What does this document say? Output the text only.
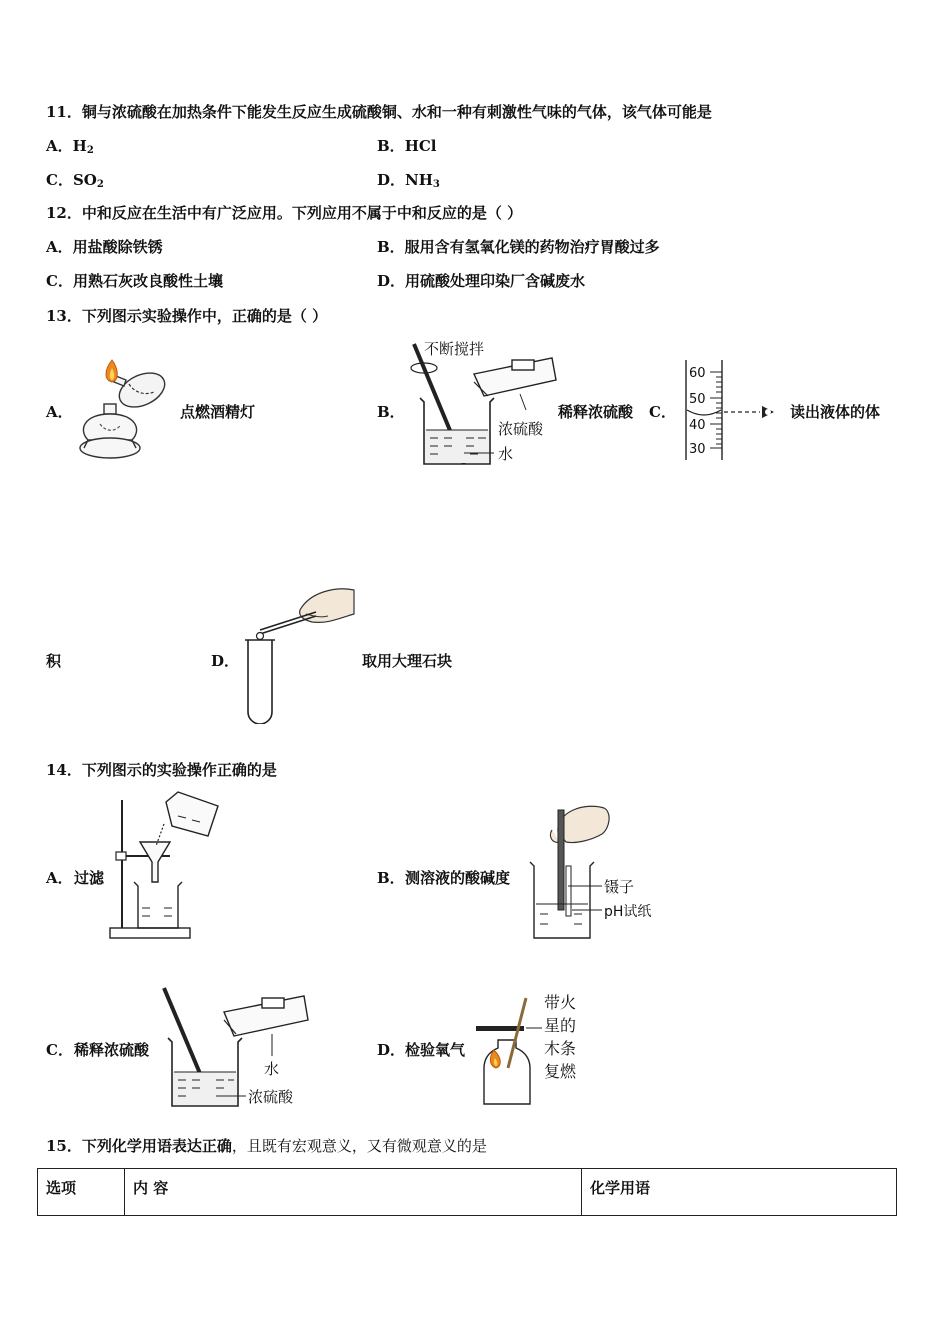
11．铜与浓硫酸在加热条件下能发生反应生成硫酸铜、水和一种有刺激性气味的气体，该气体可能是
A．H2	B．HCl
C．SO2	D．NH3
12．中和反应在生活中有广泛应用。下列应用不属于中和反应的是（ ）
A．用盐酸除铁锈	B．服用含有氢氧化镁的药物治疗胃酸过多
C．用熟石灰改良酸性土壤	D．用硫酸处理印染厂含碱废水
13．下列图示实验操作中，正确的是（ ）
A．	点燃酒精灯	B．
不断搅拌
浓硫酸
水
稀释浓硫酸 C．
60
50
40
30
读出液体的体
积	D．	取用大理石块
14．下列图示的实验操作正确的是
A． 过滤	B． 测溶液的酸碱度	镊子
pH试纸
C． 稀释浓硫酸
水
浓硫酸
D． 检验氧气
带火
星的
木条
复燃
15．下列化学用语表达正确，且既有宏观意义，又有微观意义的是
选项	内 容	化学用语
